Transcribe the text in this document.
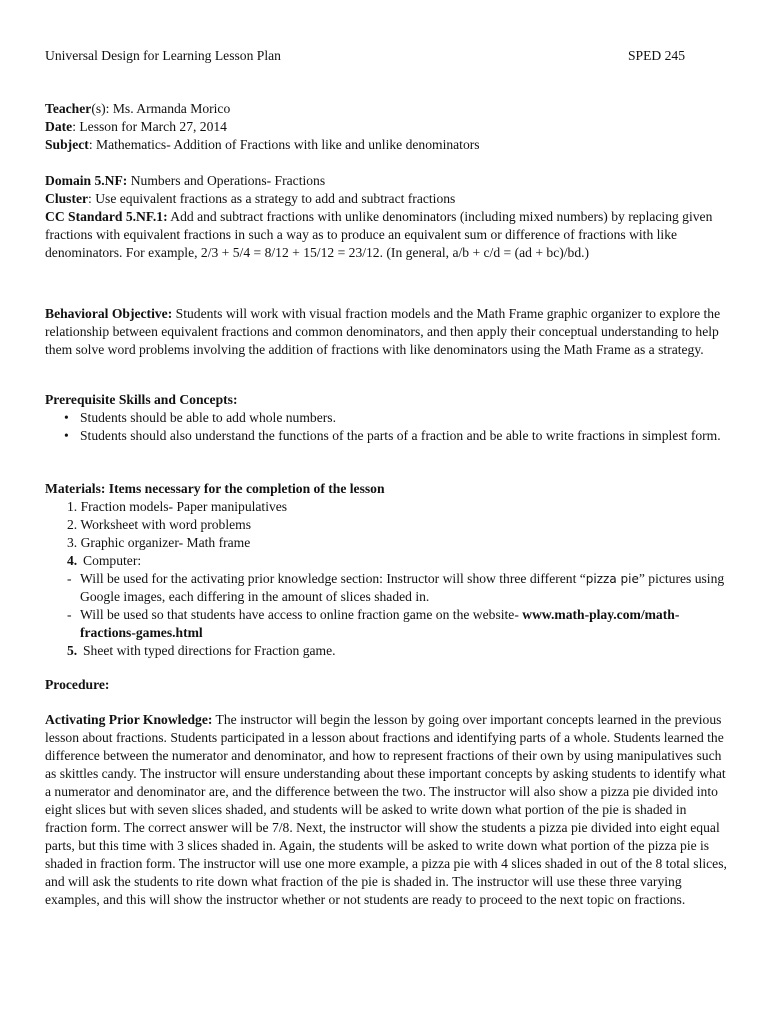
Universal Design for Learning Lesson Plan	SPED 245

Teacher(s): Ms. Armanda Morico

Date: Lesson for March 27, 2014

Subject: Mathematics- Addition of Fractions with like and unlike denominators

Domain 5.NF: Numbers and Operations- Fractions

Cluster: Use equivalent fractions as a strategy to add and subtract fractions

CC Standard 5.NF.1: Add and subtract fractions with unlike denominators (including mixed numbers) by replacing given fractions with equivalent fractions in such a way as to produce an equivalent sum or difference of fractions with like denominators. For example, 2/3 + 5/4 = 8/12 + 15/12 = 23/12. (In general, a/b + c/d = (ad + bc)/bd.)

Behavioral Objective: Students will work with visual fraction models and the Math Frame graphic organizer to explore the relationship between equivalent fractions and common denominators, and then apply their conceptual understanding to help them solve word problems involving the addition of fractions with like denominators using the Math Frame as a strategy.

Prerequisite Skills and Concepts:

• Students should be able to add whole numbers.
• Students should also understand the functions of the parts of a fraction and be able to write fractions in simplest form.

Materials: Items necessary for the completion of the lesson

1. Fraction models- Paper manipulatives

2. Worksheet with word problems

3. Graphic organizer- Math frame

4. Computer:

- Will be used for the activating prior knowledge section: Instructor will show three different “pizza pie” pictures using Google images, each differing in the amount of slices shaded in.

- Will be used so that students have access to online fraction game on the website- www.math-play.com/math-fractions-games.html

5. Sheet with typed directions for Fraction game.

Procedure:

Activating Prior Knowledge: The instructor will begin the lesson by going over important concepts learned in the previous lesson about fractions. Students participated in a lesson about fractions and identifying parts of a whole. Students learned the difference between the numerator and denominator, and how to represent fractions of their own by using manipulatives such as skittles candy. The instructor will ensure understanding about these important concepts by asking students to identify what a numerator and denominator are, and the difference between the two. The instructor will also show a pizza pie divided into eight slices but with seven slices shaded, and students will be asked to write down what portion of the pie is shaded in fraction form. The correct answer will be 7/8. Next, the instructor will show the students a pizza pie divided into eight equal parts, but this time with 3 slices shaded in. Again, the students will be asked to write down what portion of the pizza pie is shaded in fraction form. The instructor will use one more example, a pizza pie with 4 slices shaded in out of the 8 total slices, and will ask the students to rite down what fraction of the pie is shaded in. The instructor will use these three varying examples, and this will show the instructor whether or not students are ready to proceed to the next topic on fractions.
